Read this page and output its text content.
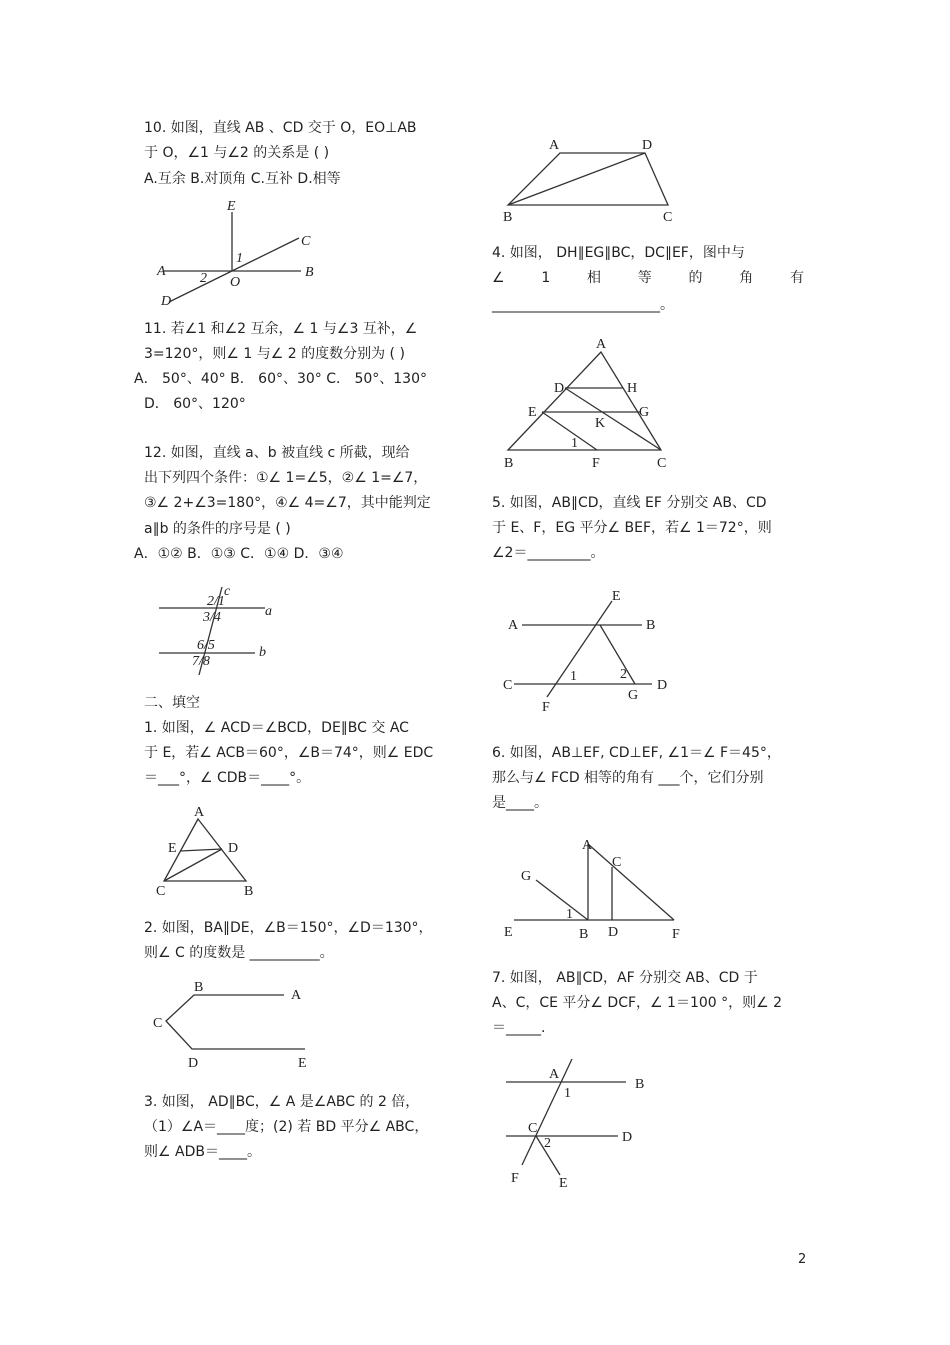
10. 如图，直线 AB 、CD 交于 O，EO⊥AB
于 O，∠1 与∠2 的关系是 ( )
A.互余 B.对顶角 C.互补 D.相等
E
C
A	B
D
O
1
2
11. 若∠1 和∠2 互余，∠ 1 与∠3 互补，∠
3=120°，则∠ 1 与∠ 2 的度数分别为 ( )
A． 50°、40° B． 60°、30° C． 50°、130°
D． 60°、120°
12. 如图，直线 a、b 被直线 c 所截，现给
出下列四个条件：①∠ 1=∠5，②∠ 1=∠7，
③∠ 2+∠3=180°，④∠ 4=∠7，其中能判定
a∥b 的条件的序号是 ( )
A．①② B．①③ C．①④ D．③④
c
a
b
2/1
3/4
6/5
7/8
二、填空
1. 如图，∠ ACD＝∠BCD，DE∥BC 交 AC
于 E，若∠ ACB＝60°，∠B＝74°，则∠ EDC
＝___°，∠ CDB＝____°。
A
E	D
C	B
2. 如图，BA∥DE，∠B＝150°，∠D＝130°，
则∠ C 的度数是 __________。
B
A
C
D	E
3. 如图， AD∥BC，∠ A 是∠ABC 的 2 倍，
（1）∠A＝____度；(2) 若 BD 平分∠ ABC，
则∠ ADB＝____。
A	D
B	C
4. 如图， DH∥EG∥BC，DC∥EF，图中与
∠	1	相	等	的	角	有
________________________。
A
D	H
E	G
K
1
B	F	C
5. 如图，AB∥CD，直线 EF 分别交 AB、CD
于 E、F，EG 平分∠ BEF，若∠ 1＝72°，则
∠2＝_________。
E
A	B
C	D
1	2
F
G
6. 如图，AB⊥EF, CD⊥EF, ∠1＝∠ F＝45°，
那么与∠ FCD 相等的角有 ___个，它们分别
是____。
A
C
G
1
E	B D	F
7. 如图， AB∥CD，AF 分别交 AB、CD 于
A、C，CE 平分∠ DCF，∠ 1＝100 °，则∠ 2
＝_____.
A
1
B
C
2	D
F	E
2
